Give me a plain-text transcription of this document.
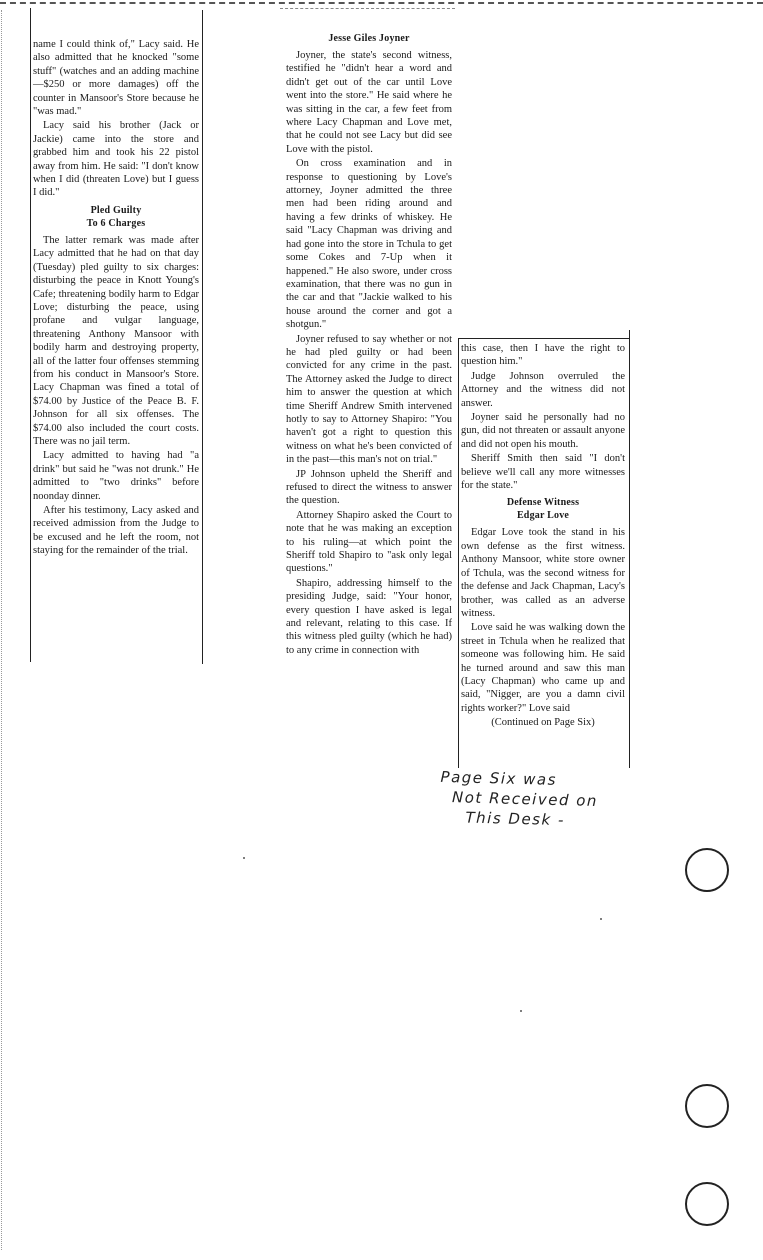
name I could think of," Lacy said. He also admitted that he knocked "some stuff" (watches and an adding machine—$250 or more damages) off the counter in Mansoor's Store because he "was mad."

Lacy said his brother (Jack or Jackie) came into the store and grabbed him and took his 22 pistol away from him. He said: "I don't know when I did (threaten Love) but I guess I did."

Pled Guilty
To 6 Charges

The latter remark was made after Lacy admitted that he had on that day (Tuesday) pled guilty to six charges: disturbing the peace in Knott Young's Cafe; threatening bodily harm to Edgar Love; disturbing the peace, using profane and vulgar language, threatening Anthony Mansoor with bodily harm and destroying property, all of the latter four offenses stemming from his conduct in Mansoor's Store. Lacy Chapman was fined a total of $74.00 by Justice of the Peace B. F. Johnson for all six offenses. The $74.00 also included the court costs. There was no jail term.

Lacy admitted to having had "a drink" but said he "was not drunk." He admitted to "two drinks" before noonday dinner.

After his testimony, Lacy asked and received admission from the Judge to be excused and he left the room, not staying for the remainder of the trial.

Jesse Giles Joyner

Joyner, the state's second witness, testified he "didn't hear a word and didn't get out of the car until Love went into the store." He said where he was sitting in the car, a few feet from where Lacy Chapman and Love met, that he could not see Lacy but did see Love with the pistol.

On cross examination and in response to questioning by Love's attorney, Joyner admitted the three men had been riding around and having a few drinks of whiskey. He said "Lacy Chapman was driving and had gone into the store in Tchula to get some Cokes and 7-Up when it happened." He also swore, under cross examination, that there was no gun in the car and that "Jackie walked to his house around the corner and got a shotgun."

Joyner refused to say whether or not he had pled guilty or had been convicted for any crime in the past. The Attorney asked the Judge to direct him to answer the question at which time Sheriff Andrew Smith intervened hotly to say to Attorney Shapiro: "You haven't got a right to question this witness on what he's been convicted of in the past—this man's not on trial."

JP Johnson upheld the Sheriff and refused to direct the witness to answer the question.

Attorney Shapiro asked the Court to note that he was making an exception to his ruling—at which point the Sheriff told Shapiro to "ask only legal questions."

Shapiro, addressing himself to the presiding Judge, said: "Your honor, every question I have asked is legal and relevant, relating to this case. If this witness pled guilty (which he had) to any crime in connection with

this case, then I have the right to question him."

Judge Johnson overruled the Attorney and the witness did not answer.

Joyner said he personally had no gun, did not threaten or assault anyone and did not open his mouth.

Sheriff Smith then said "I don't believe we'll call any more witnesses for the state."

Defense Witness
Edgar Love

Edgar Love took the stand in his own defense as the first witness. Anthony Mansoor, white store owner of Tchula, was the second witness for the defense and Jack Chapman, Lacy's brother, was called as an adverse witness.

Love said he was walking down the street in Tchula when he realized that someone was following him. He said he turned around and saw this man (Lacy Chapman) who came up and said, "Nigger, are you a damn civil rights worker?" Love said

(Continued on Page Six)

Page Six was
Not Received on
This Desk -
